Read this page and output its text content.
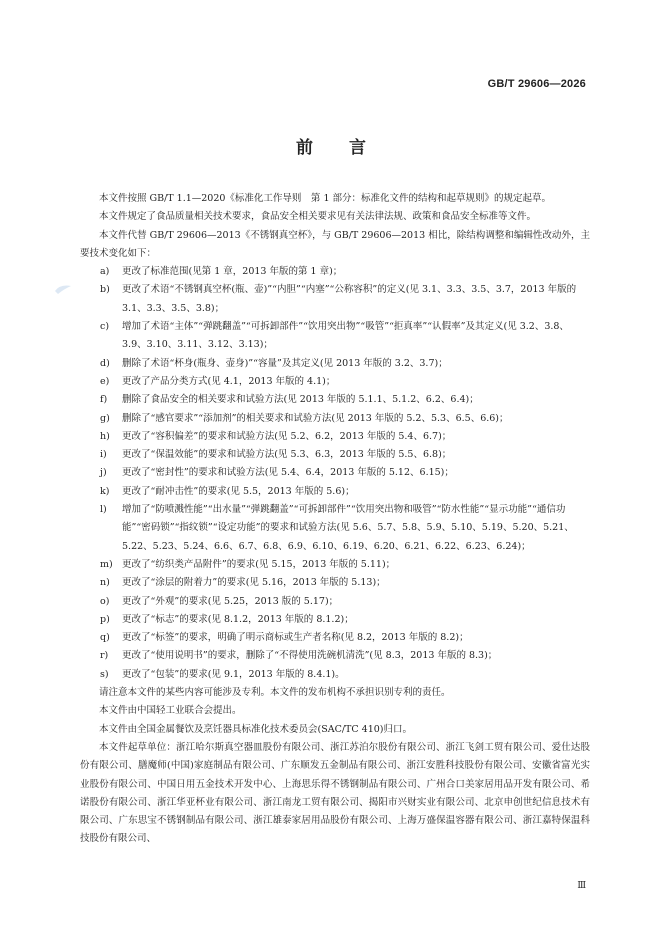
GB/T 29606—2026
前言

本文件按照 GB/T 1.1—2020《标准化工作导则　第 1 部分：标准化文件的结构和起草规则》的规定起草。

本文件规定了食品质量相关技术要求，食品安全相关要求见有关法律法规、政策和食品安全标准等文件。

本文件代替 GB/T 29606—2013《不锈钢真空杯》，与 GB/T 29606—2013 相比，除结构调整和编辑性改动外，主要技术变化如下：

a)	更改了标准范围(见第 1 章，2013 年版的第 1 章)；
b)	更改了术语“不锈钢真空杯(瓶、壶)”“内胆”“内塞”“公称容积”的定义(见 3.1、3.3、3.5、3.7，2013 年版的 3.1、3.3、3.5、3.8)；
c)	增加了术语“主体”“弹跳翻盖”“可拆卸部件”“饮用突出物”“吸管”“拒真率”“认假率”及其定义(见 3.2、3.8、3.9、3.10、3.11、3.12、3.13)；
d)	删除了术语“杯身(瓶身、壶身)”“容量”及其定义(见 2013 年版的 3.2、3.7)；
e)	更改了产品分类方式(见 4.1，2013 年版的 4.1)；
f)	删除了食品安全的相关要求和试验方法(见 2013 年版的 5.1.1、5.1.2、6.2、6.4)；
g)	删除了“感官要求”“添加剂”的相关要求和试验方法(见 2013 年版的 5.2、5.3、6.5、6.6)；
h)	更改了“容积偏差”的要求和试验方法(见 5.2、6.2，2013 年版的 5.4、6.7)；
i)	更改了“保温效能”的要求和试验方法(见 5.3、6.3，2013 年版的 5.5、6.8)；
j)	更改了“密封性”的要求和试验方法(见 5.4、6.4，2013 年版的 5.12、6.15)；
k)	更改了“耐冲击性”的要求(见 5.5，2013 年版的 5.6)；
l)	增加了“防喷溅性能”“出水量”“弹跳翻盖”“可拆卸部件”“饮用突出物和吸管”“防水性能”“显示功能”“通信功能”“密码锁”“指纹锁”“设定功能”的要求和试验方法(见 5.6、5.7、5.8、5.9、5.10、5.19、5.20、5.21、5.22、5.23、5.24、6.6、6.7、6.8、6.9、6.10、6.19、6.20、6.21、6.22、6.23、6.24)；
m) 更改了“纺织类产品附件”的要求(见 5.15，2013 年版的 5.11)；
n)	更改了“涂层的附着力”的要求(见 5.16，2013 年版的 5.13)；
o)	更改了“外观”的要求(见 5.25，2013 版的 5.17)；
p)	更改了“标志”的要求(见 8.1.2，2013 年版的 8.1.2)；
q)	更改了“标签”的要求，明确了明示商标或生产者名称(见 8.2，2013 年版的 8.2)；
r)	更改了“使用说明书”的要求，删除了“不得使用洗碗机清洗”(见 8.3，2013 年版的 8.3)；
s)	更改了“包装”的要求(见 9.1，2013 年版的 8.4.1)。

请注意本文件的某些内容可能涉及专利。本文件的发布机构不承担识别专利的责任。

本文件由中国轻工业联合会提出。

本文件由全国金属餐饮及烹饪器具标准化技术委员会(SAC/TC 410)归口。

本文件起草单位：浙江哈尔斯真空器皿股份有限公司、浙江苏泊尔股份有限公司、浙江飞剑工贸有限公司、爱仕达股份有限公司、膳魔师(中国)家庭制品有限公司、广东顺发五金制品有限公司、浙江安胜科技股份有限公司、安徽省富光实业股份有限公司、中国日用五金技术开发中心、上海思乐得不锈钢制品有限公司、广州合口美家居用品开发有限公司、希诺股份有限公司、浙江华亚杯业有限公司、浙江南龙工贸有限公司、揭阳市兴财实业有限公司、北京申创世纪信息技术有限公司、广东思宝不锈钢制品有限公司、浙江雄泰家居用品股份有限公司、上海万盛保温容器有限公司、浙江嘉特保温科技股份有限公司、

Ⅲ
